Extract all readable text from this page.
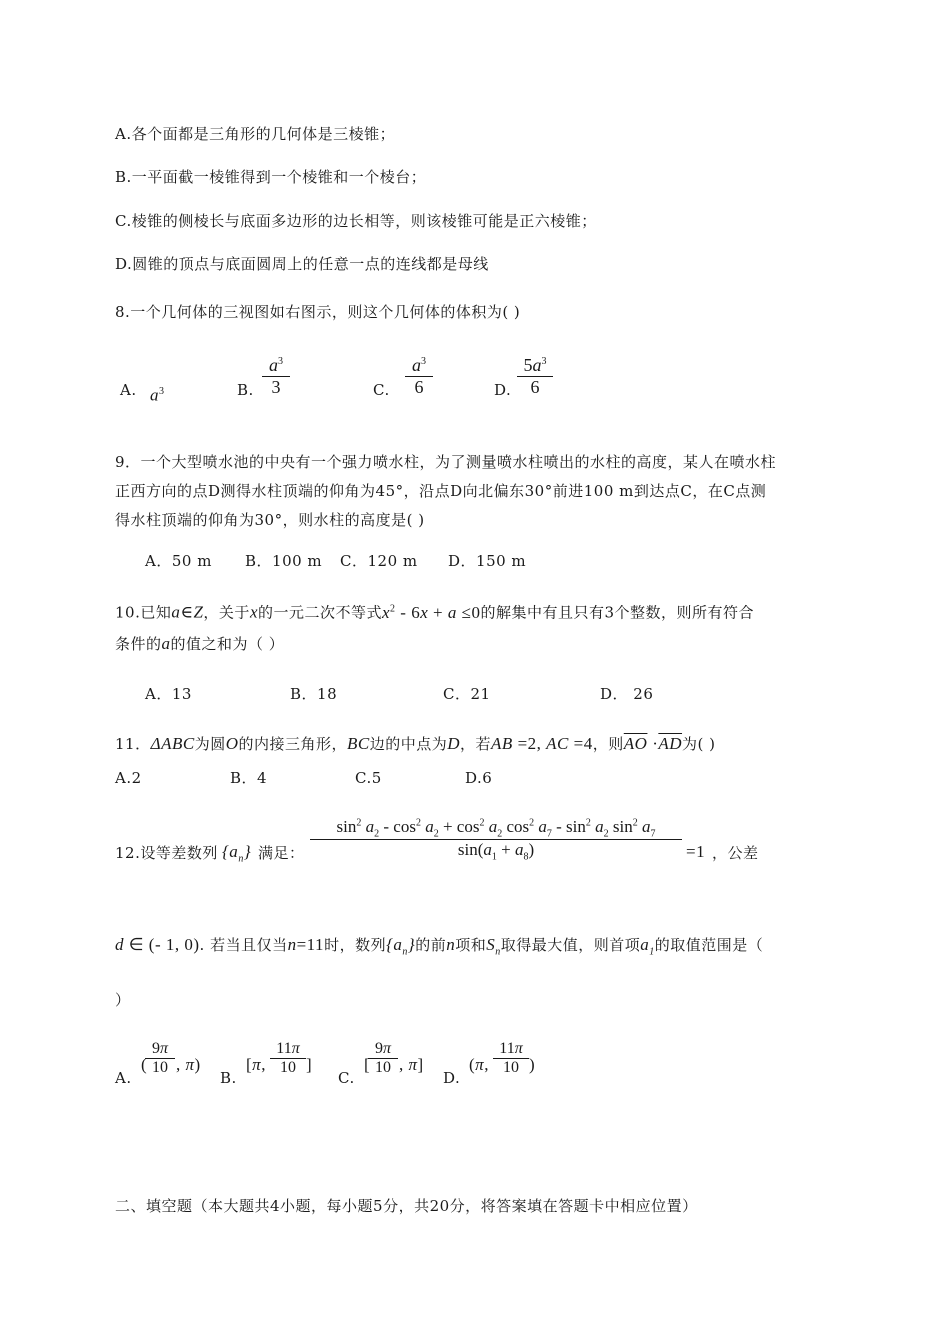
A.各个面都是三角形的几何体是三棱锥；
B.一平面截一棱锥得到一个棱锥和一个棱台；
C.棱锥的侧棱长与底面多边形的边长相等，则该棱锥可能是正六棱锥；
D.圆锥的顶点与底面圆周上的任意一点的连线都是母线
8.一个几何体的三视图如右图示，则这个几何体的体积为( )
A. $a^3$	B.
$a^3$
3	C.
$a^3$
6	D.
$5a^3$
6
9．一个大型喷水池的中央有一个强力喷水柱，为了测量喷水柱喷出的水柱的高度，某人在喷水柱
正西方向的点D测得水柱顶端的仰角为45°，沿点D向北偏东30°前进100 m到达点C，在C点测
得水柱顶端的仰角为30°，则水柱的高度是( )
A．50 m B．100 m C．120 m D．150 m
10.已知a∈Z，关于x的一元二次不等式$x^2 - 6x + a \le 0$的解集中有且只有3个整数，则所有符合
条件的a的值之和为（ ）
A．13	B．18	C．21	D． 26
11．ΔABC为圆O的内接三角形，BC边的中点为D，若AB =2, AC =4，则$\overline{AO} \cdot\overline{AD}$为( )
A.2	B．4	C.5	D.6
12.设等差数列 $\{a_n\}$ 满足：
$\sin^2 a_2 - \cos^2 a_2 + \cos^2 a_2$ $\cos^2 a_7 - \sin^2 a_2$ $\sin^2 a_7$
$\sin(a_1 + a_8)$	=1 ，公差
d ∈ (- 1, 0). 若当且仅当n=11时，数列$\{a_n\}$的前n项和$S_n$取得最大值，则首项$a_1$的取值范围是（
）
A.
(
9π
10 , π)
B.
[π,
11π
10 ]
C.
[
9π
10 , π]
D.
(π,
11π
10 )
二、填空题（本大题共4小题，每小题5分，共20分，将答案填在答题卡中相应位置）
